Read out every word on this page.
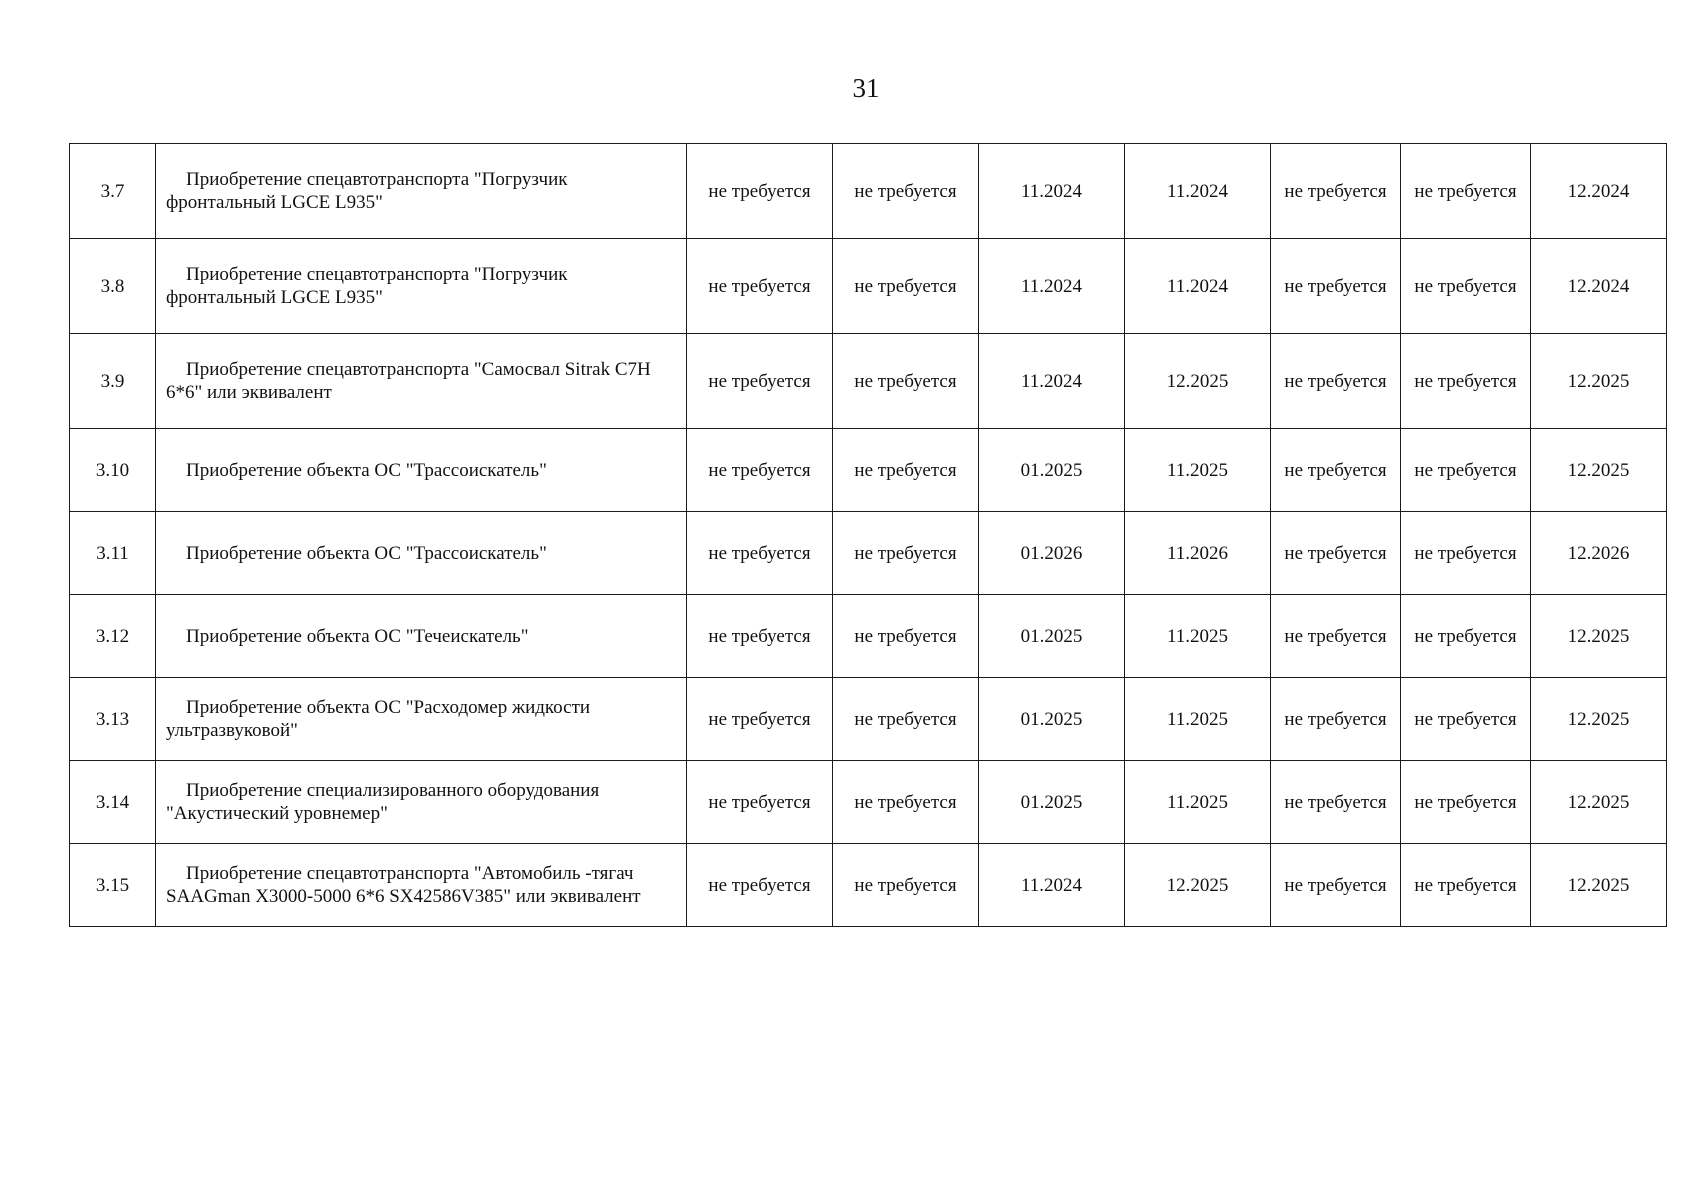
31
3.7	Приобретение спецавтотранспорта "Погрузчик фронтальный LGCE L935"	не требуется	не требуется	11.2024	11.2024	не требуется	не требуется	12.2024
3.8	Приобретение спецавтотранспорта "Погрузчик фронтальный LGCE L935"	не требуется	не требуется	11.2024	11.2024	не требуется	не требуется	12.2024
3.9	Приобретение спецавтотранспорта "Самосвал Sitrak C7H 6*6" или эквивалент	не требуется	не требуется	11.2024	12.2025	не требуется	не требуется	12.2025
3.10	Приобретение объекта ОС "Трассоискатель"	не требуется	не требуется	01.2025	11.2025	не требуется	не требуется	12.2025
3.11	Приобретение объекта ОС "Трассоискатель"	не требуется	не требуется	01.2026	11.2026	не требуется	не требуется	12.2026
3.12	Приобретение объекта ОС "Течеискатель"	не требуется	не требуется	01.2025	11.2025	не требуется	не требуется	12.2025
3.13	Приобретение объекта ОС "Расходомер жидкости ультразвуковой"	не требуется	не требуется	01.2025	11.2025	не требуется	не требуется	12.2025
3.14	Приобретение специализированного оборудования "Акустический уровнемер"	не требуется	не требуется	01.2025	11.2025	не требуется	не требуется	12.2025
3.15	Приобретение спецавтотранспорта "Автомобиль -тягач SAAGman X3000-5000 6*6 SX42586V385" или эквивалент	не требуется	не требуется	11.2024	12.2025	не требуется	не требуется	12.2025
